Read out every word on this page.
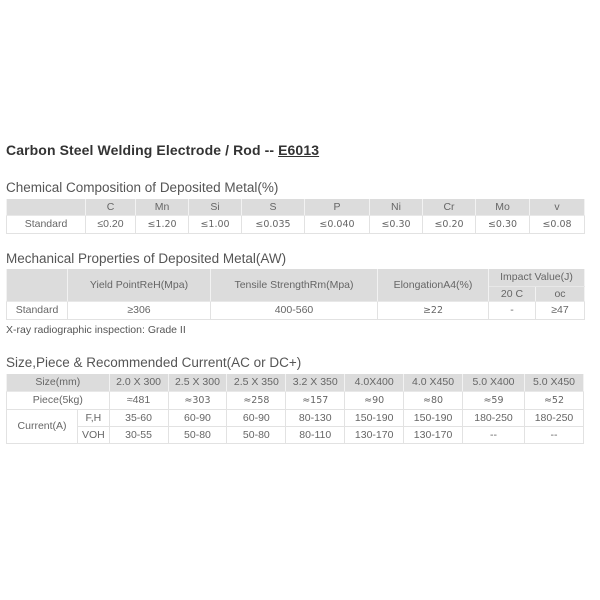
Carbon Steel Welding Electrode / Rod -- E6013
Chemical Composition of Deposited Metal(%)
	C	Mn	Si	S	P	Ni	Cr	Mo	v
Standard	≤0.20	≤1.20	≤1.00	≤0.035	≤0.040	≤0.30	≤0.20	≤0.30	≤0.08
Mechanical Properties of Deposited Metal(AW)
	Yield PointReH(Mpa)	Tensile StrengthRm(Mpa)	ElongationA4(%)	Impact Value(J)	
				20 C	oc
Standard	≥306	400-560	≥22	-	≥47
X-ray radiographic inspection: Grade II
Size,Piece & Recommended Current(AC or DC+)
Size(mm)		2.0 X 300	2.5 X 300	2.5 X 350	3.2 X 350	4.0X400	4.0 X450	5.0 X400	5.0 X450
Piece(5kg)		≈481	≈303	≈258	≈157	≈90	≈80	≈59	≈52
Current(A)	F,H	35-60	60-90	60-90	80-130	150-190	150-190	180-250	180-250
	VOH	30-55	50-80	50-80	80-110	130-170	130-170	--	--
